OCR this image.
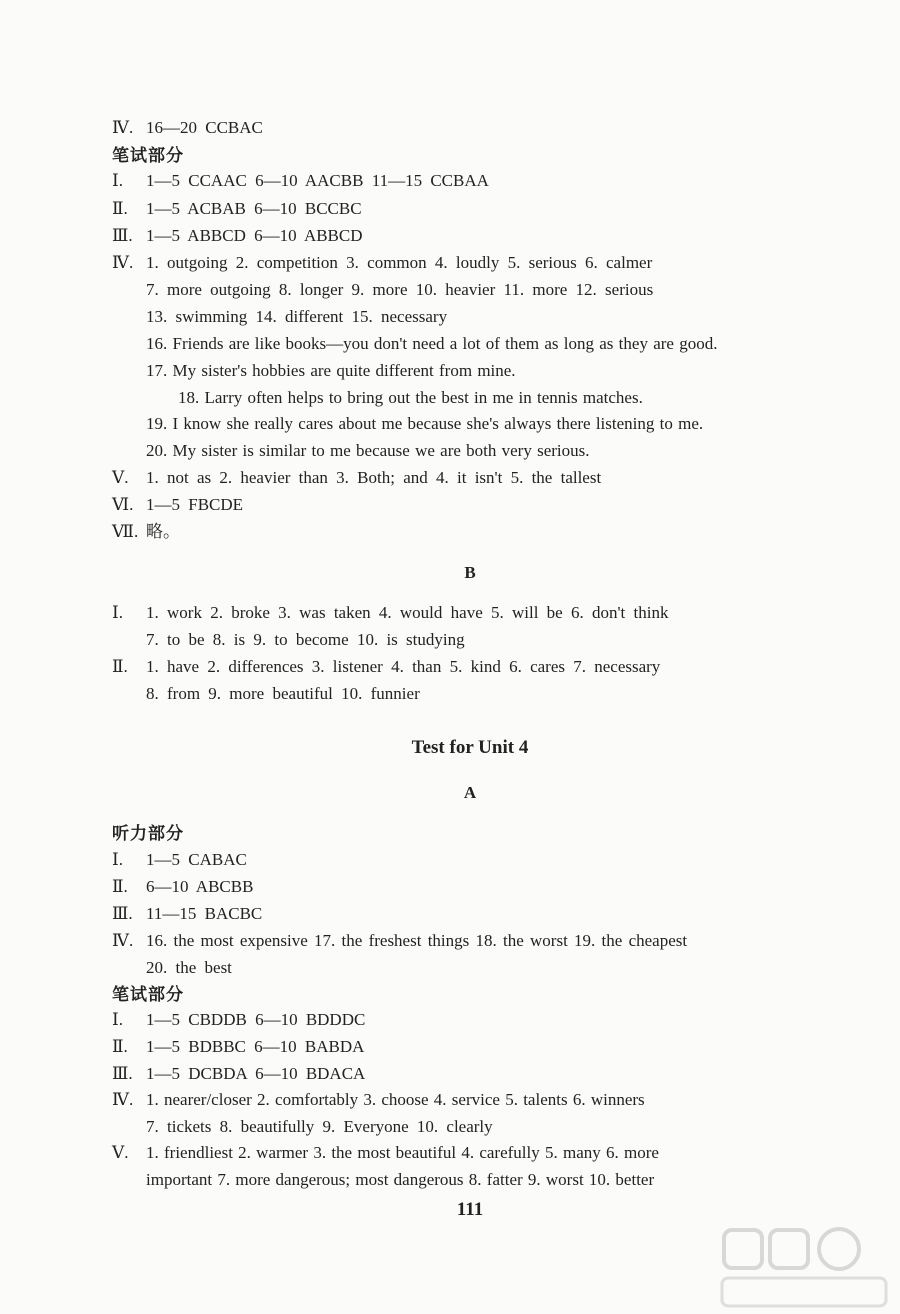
Ⅳ. 16—20 CCBAC
笔试部分
Ⅰ. 1—5 CCAAC 6—10 AACBB 11—15 CCBAA
Ⅱ. 1—5 ACBAB 6—10 BCCBC
Ⅲ. 1—5 ABBCD 6—10 ABBCD
Ⅳ. 1. outgoing 2. competition 3. common 4. loudly 5. serious 6. calmer
7. more outgoing 8. longer 9. more 10. heavier 11. more 12. serious
13. swimming 14. different 15. necessary
16. Friends are like books—you don't need a lot of them as long as they are good.
17. My sister's hobbies are quite different from mine.
18. Larry often helps to bring out the best in me in tennis matches.
19. I know she really cares about me because she's always there listening to me.
20. My sister is similar to me because we are both very serious.
Ⅴ. 1. not as 2. heavier than 3. Both; and 4. it isn't 5. the tallest
Ⅵ. 1—5 FBCDE
Ⅶ. 略。
B
Ⅰ. 1. work 2. broke 3. was taken 4. would have 5. will be 6. don't think
7. to be 8. is 9. to become 10. is studying
Ⅱ. 1. have 2. differences 3. listener 4. than 5. kind 6. cares 7. necessary
8. from 9. more beautiful 10. funnier
Test for Unit 4
A
听力部分
Ⅰ. 1—5 CABAC
Ⅱ. 6—10 ABCBB
Ⅲ. 11—15 BACBC
Ⅳ. 16. the most expensive 17. the freshest things 18. the worst 19. the cheapest
20. the best
笔试部分
Ⅰ. 1—5 CBDDB 6—10 BDDDC
Ⅱ. 1—5 BDBBC 6—10 BABDA
Ⅲ. 1—5 DCBDA 6—10 BDACA
Ⅳ. 1. nearer/closer 2. comfortably 3. choose 4. service 5. talents 6. winners
7. tickets 8. beautifully 9. Everyone 10. clearly
Ⅴ. 1. friendliest 2. warmer 3. the most beautiful 4. carefully 5. many 6. more
important 7. more dangerous; most dangerous 8. fatter 9. worst 10. better
111
